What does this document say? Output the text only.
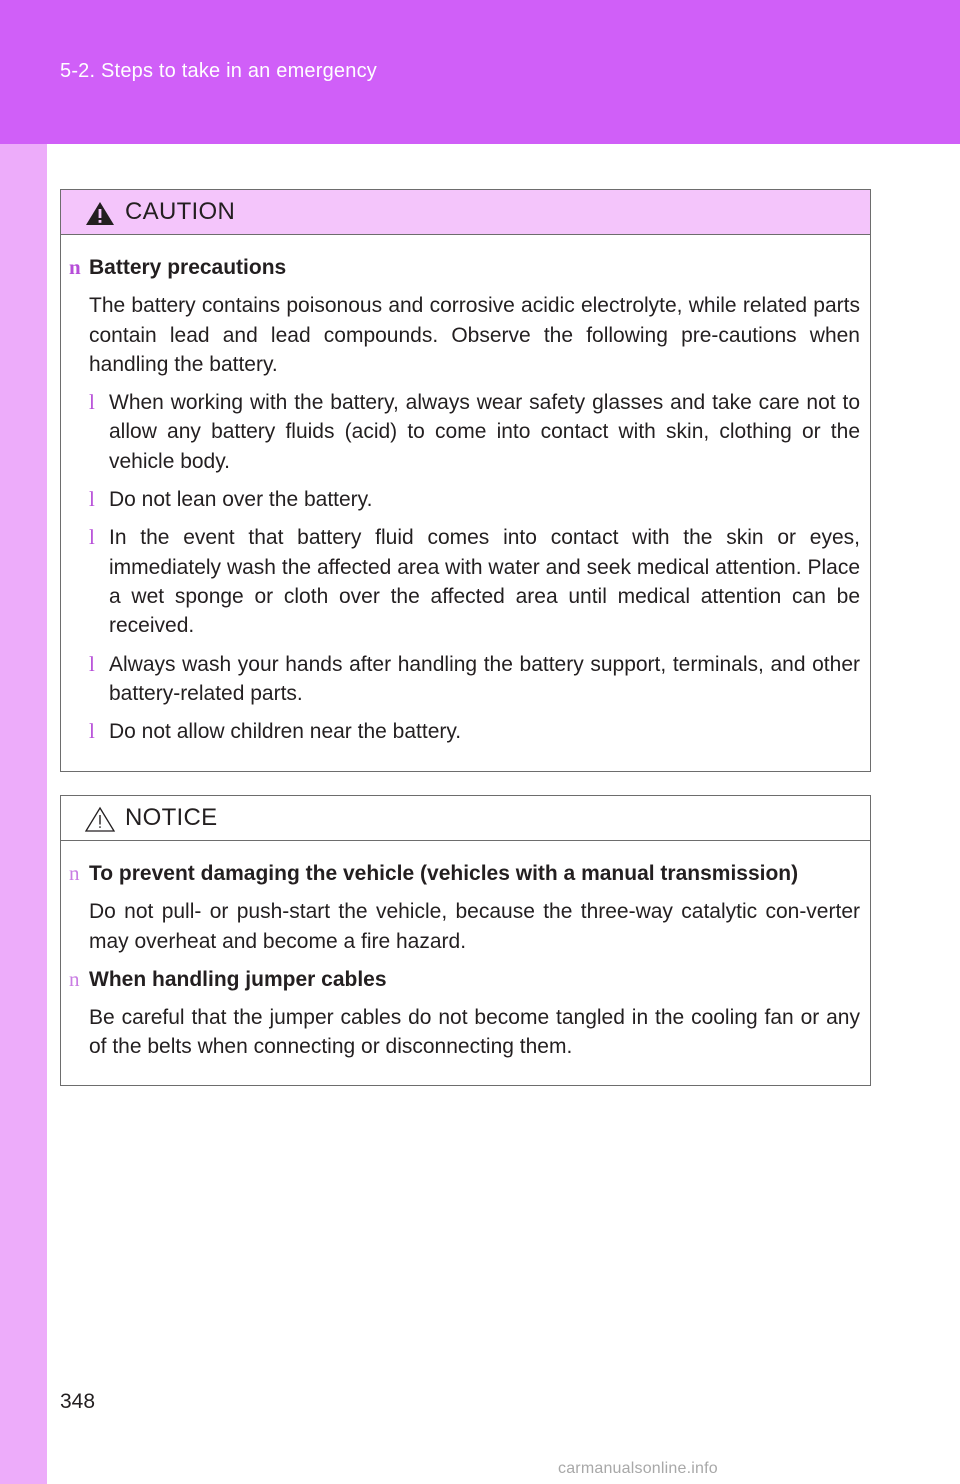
5-2. Steps to take in an emergency
CAUTION
n Battery precautions
The battery contains poisonous and corrosive acidic electrolyte, while related parts contain lead and lead compounds. Observe the following pre-cautions when handling the battery.
l When working with the battery, always wear safety glasses and take care not to allow any battery fluids (acid) to come into contact with skin, clothing or the vehicle body.
l Do not lean over the battery.
l In the event that battery fluid comes into contact with the skin or eyes, immediately wash the affected area with water and seek medical attention. Place a wet sponge or cloth over the affected area until medical attention can be received.
l Always wash your hands after handling the battery support, terminals, and other battery-related parts.
l Do not allow children near the battery.
NOTICE
n To prevent damaging the vehicle (vehicles with a manual transmission)
Do not pull- or push-start the vehicle, because the three-way catalytic con-verter may overheat and become a fire hazard.
n When handling jumper cables
Be careful that the jumper cables do not become tangled in the cooling fan or any of the belts when connecting or disconnecting them.
348
carmanualsonline.info
